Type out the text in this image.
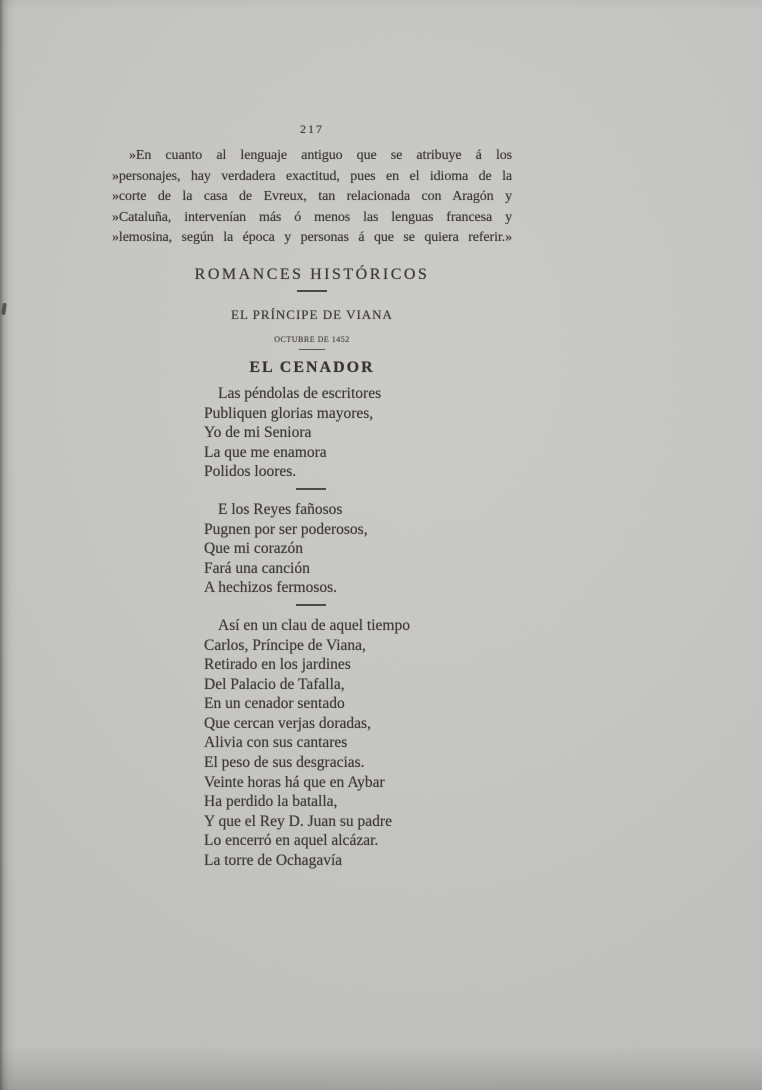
217
»En cuanto al lenguaje antiguo que se atribuye á los
»personajes, hay verdadera exactitud, pues en el idioma de la
»corte de la casa de Evreux, tan relacionada con Aragón y
»Cataluña, intervenían más ó menos las lenguas francesa y
»lemosina, según la época y personas á que se quiera referir.»
ROMANCES HISTÓRICOS
EL PRÍNCIPE DE VIANA
OCTUBRE DE 1452
EL CENADOR
Las péndolas de escritores
Publiquen glorias mayores,
Yo de mi Seniora
La que me enamora
Polidos loores.
E los Reyes fañosos
Pugnen por ser poderosos,
Que mi corazón
Fará una canción
A hechizos fermosos.
Así en un clau de aquel tiempo
Carlos, Príncipe de Viana,
Retirado en los jardines
Del Palacio de Tafalla,
En un cenador sentado
Que cercan verjas doradas,
Alivia con sus cantares
El peso de sus desgracias.
Veinte horas há que en Aybar
Ha perdido la batalla,
Y que el Rey D. Juan su padre
Lo encerró en aquel alcázar.
La torre de Ochagavía
